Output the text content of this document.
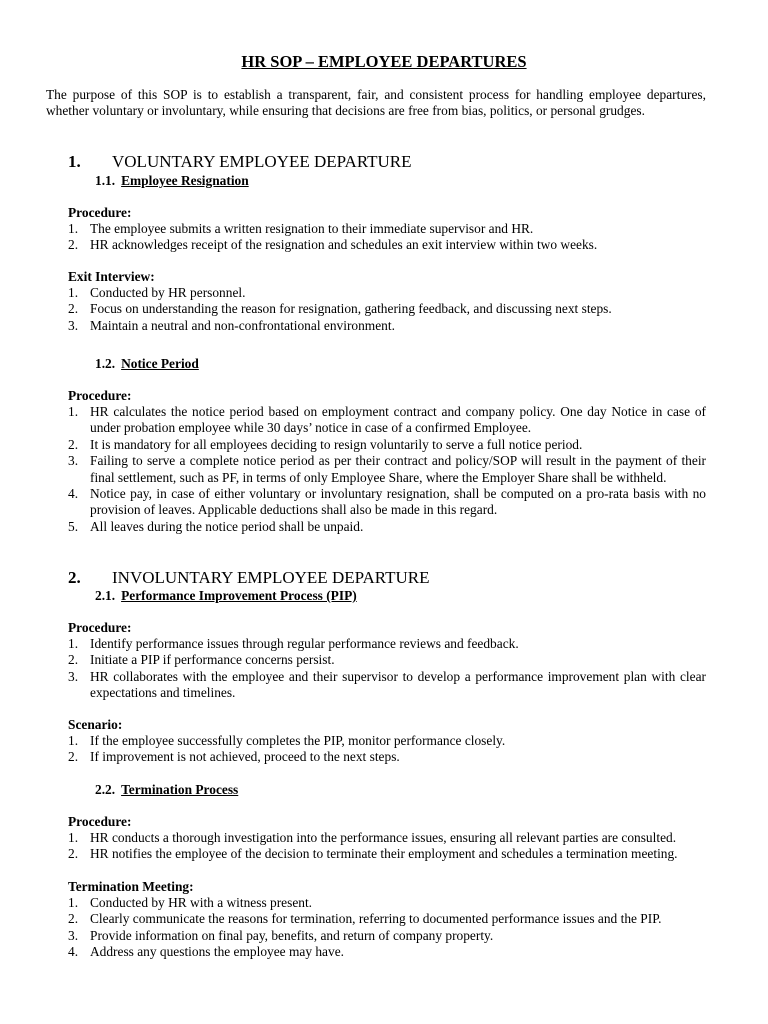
HR SOP – EMPLOYEE DEPARTURES
The purpose of this SOP is to establish a transparent, fair, and consistent process for handling employee departures, whether voluntary or involuntary, while ensuring that decisions are free from bias, politics, or personal grudges.
1. VOLUNTARY EMPLOYEE DEPARTURE
1.1. Employee Resignation
Procedure:
1. The employee submits a written resignation to their immediate supervisor and HR.
2. HR acknowledges receipt of the resignation and schedules an exit interview within two weeks.
Exit Interview:
1. Conducted by HR personnel.
2. Focus on understanding the reason for resignation, gathering feedback, and discussing next steps.
3. Maintain a neutral and non-confrontational environment.
1.2. Notice Period
Procedure:
1. HR calculates the notice period based on employment contract and company policy. One day Notice in case of under probation employee while 30 days’ notice in case of a confirmed Employee.
2. It is mandatory for all employees deciding to resign voluntarily to serve a full notice period.
3. Failing to serve a complete notice period as per their contract and policy/SOP will result in the payment of their final settlement, such as PF, in terms of only Employee Share, where the Employer Share shall be withheld.
4. Notice pay, in case of either voluntary or involuntary resignation, shall be computed on a pro-rata basis with no provision of leaves. Applicable deductions shall also be made in this regard.
5. All leaves during the notice period shall be unpaid.
2. INVOLUNTARY EMPLOYEE DEPARTURE
2.1. Performance Improvement Process (PIP)
Procedure:
1. Identify performance issues through regular performance reviews and feedback.
2. Initiate a PIP if performance concerns persist.
3. HR collaborates with the employee and their supervisor to develop a performance improvement plan with clear expectations and timelines.
Scenario:
1. If the employee successfully completes the PIP, monitor performance closely.
2. If improvement is not achieved, proceed to the next steps.
2.2. Termination Process
Procedure:
1. HR conducts a thorough investigation into the performance issues, ensuring all relevant parties are consulted.
2. HR notifies the employee of the decision to terminate their employment and schedules a termination meeting.
Termination Meeting:
1. Conducted by HR with a witness present.
2. Clearly communicate the reasons for termination, referring to documented performance issues and the PIP.
3. Provide information on final pay, benefits, and return of company property.
4. Address any questions the employee may have.
